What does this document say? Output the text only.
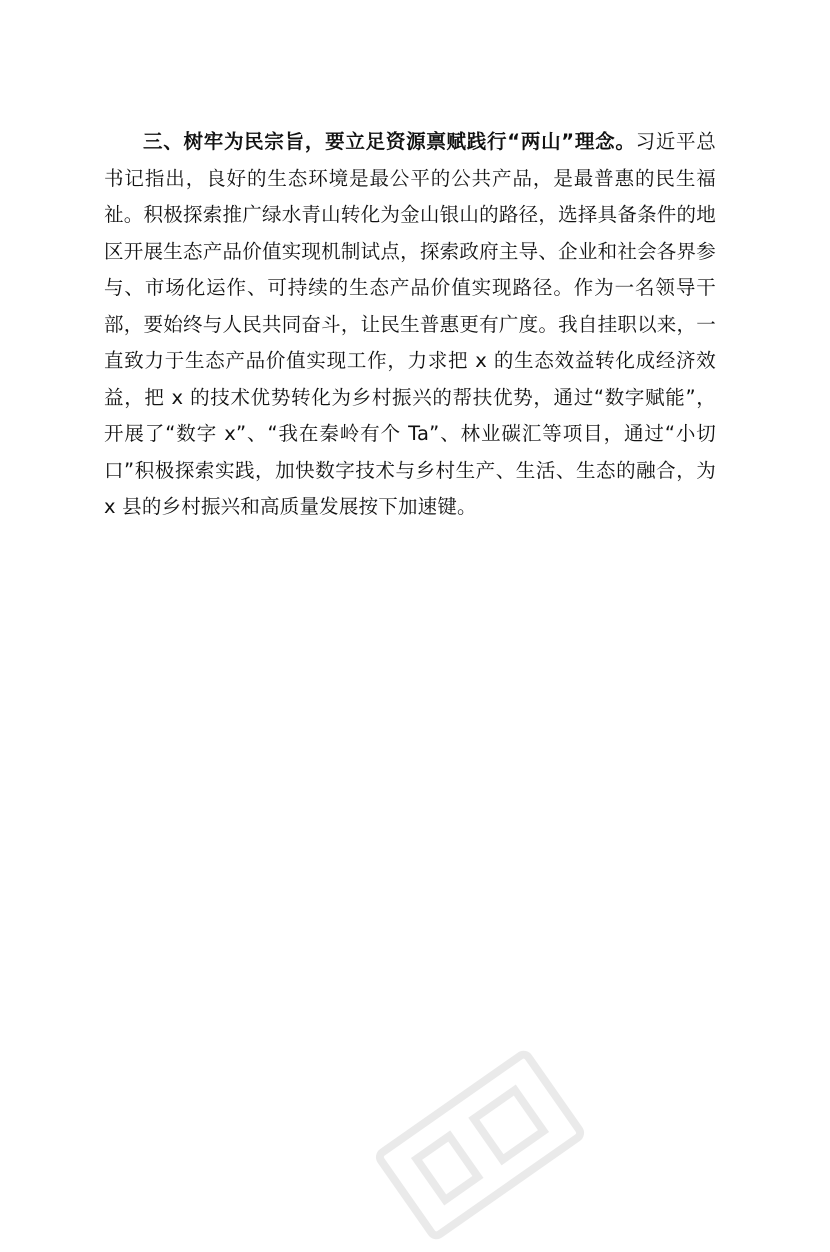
三、树牢为民宗旨，要立足资源禀赋践行“两山”理念。习近平总书记指出，良好的生态环境是最公平的公共产品，是最普惠的民生福祉。积极探索推广绿水青山转化为金山银山的路径，选择具备条件的地区开展生态产品价值实现机制试点，探索政府主导、企业和社会各界参与、市场化运作、可持续的生态产品价值实现路径。作为一名领导干部，要始终与人民共同奋斗，让民生普惠更有广度。我自挂职以来，一直致力于生态产品价值实现工作，力求把 x 的生态效益转化成经济效益，把 x 的技术优势转化为乡村振兴的帮扶优势，通过“数字赋能”，开展了“数字 x”、“我在秦岭有个 Ta”、林业碳汇等项目，通过“小切口”积极探索实践，加快数字技术与乡村生产、生活、生态的融合，为 x 县的乡村振兴和高质量发展按下加速键。
